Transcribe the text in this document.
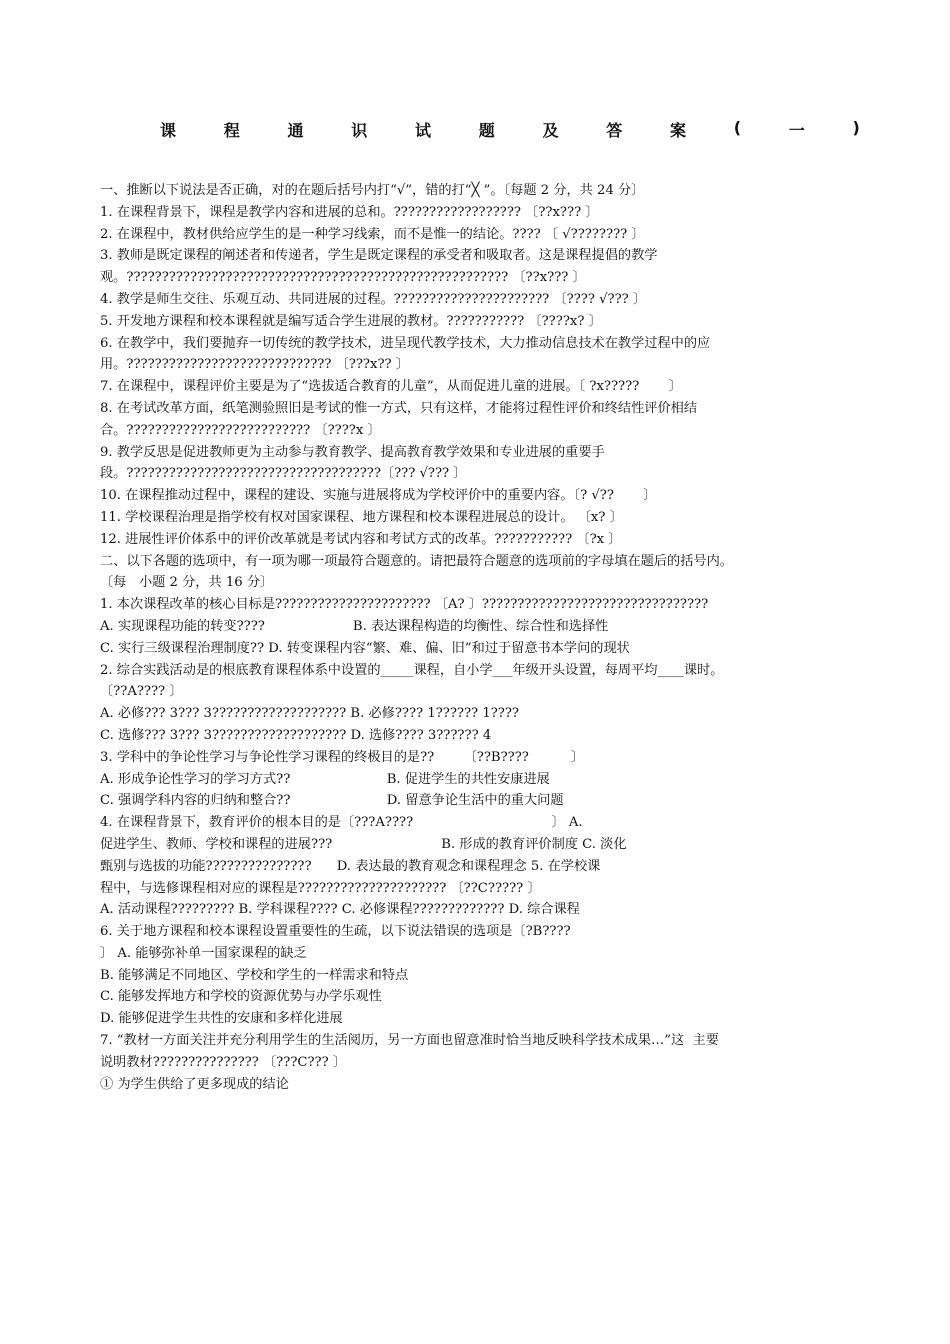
课	程	通	识	试	题	及	答	案	(	一	)
一、推断以下说法是否正确，对的在题后括号内打“√”，错的打“╳ ”。〔每题 2 分，共 24 分〕
1. 在课程背景下，课程是教学内容和进展的总和。?????????????????? 〔??x??? 〕
2. 在课程中，教材供给应学生的是一种学习线索，而不是惟一的结论。???? 〔 √???????? 〕
3. 教师是既定课程的阐述者和传递者，学生是既定课程的承受者和吸取者。这是课程提倡的教学
观。?????????????????????????????????????????????????????? 〔??x??? 〕
4. 教学是师生交往、乐观互动、共同进展的过程。?????????????????????? 〔???? √??? 〕
5. 开发地方课程和校本课程就是编写适合学生进展的教材。??????????? 〔????x? 〕
6. 在教学中，我们要抛弃一切传统的教学技术，进呈现代教学技术，大力推动信息技术在教学过程中的应
用。????????????????????????????? 〔???x?? 〕
7. 在课程中，课程评价主要是为了“选拔适合教育的儿童”，从而促进儿童的进展。〔 ?x?????       〕
8. 在考试改革方面，纸笔测验照旧是考试的惟一方式，只有这样，才能将过程性评价和终结性评价相结
合。?????????????????????????? 〔????x 〕
9. 教学反思是促进教师更为主动参与教育教学、提高教育教学效果和专业进展的重要手
段。????????????????????????????????????〔??? √??? 〕
10. 在课程推动过程中，课程的建设、实施与进展将成为学校评价中的重要内容。〔? √??       〕
11. 学校课程治理是指学校有权对国家课程、地方课程和校本课程进展总的设计。 〔x? 〕
12. 进展性评价体系中的评价改革就是考试内容和考试方式的改革。??????????? 〔?x 〕
二、以下各题的选项中，有一项为哪一项最符合题意的。请把最符合题意的选项前的字母填在题后的括号内。
〔每   小题 2 分，共 16 分〕
1. 本次课程改革的核心目标是?????????????????????? 〔A? 〕????????????????????????????????
A. 实现课程功能的转变????                     B. 表达课程构造的均衡性、综合性和选择性
C. 实行三级课程治理制度?? D. 转变课程内容“繁、难、偏、旧”和过于留意书本学问的现状
2. 综合实践活动是的根底教育课程体系中设置的_____课程，自小学___年级开头设置，每周平均____课时。
〔??A???? 〕
A. 必修??? 3??? 3??????????????????? B. 必修???? 1?????? 1????
C. 选修??? 3??? 3??????????????????? D. 选修???? 3?????? 4
3. 学科中的争论性学习与争论性学习课程的终极目的是??       〔??B????          〕
A. 形成争论性学习的学习方式??                       B. 促进学生的共性安康进展
C. 强调学科内容的归纳和整合??                       D. 留意争论生活中的重大问题
4. 在课程背景下，教育评价的根本目的是〔???A????                                 〕 A.
促进学生、教师、学校和课程的进展???                          B. 形成的教育评价制度 C. 淡化
甄别与选拔的功能???????????????      D. 表达最的教育观念和课程理念 5. 在学校课
程中，与选修课程相对应的课程是????????????????????? 〔??C????? 〕
A. 活动课程????????? B. 学科课程???? C. 必修课程????????????? D. 综合课程
6. 关于地方课程和校本课程设置重要性的生疏，以下说法错误的选项是〔?B????
〕 A. 能够弥补单一国家课程的缺乏
B. 能够满足不同地区、学校和学生的一样需求和特点
C. 能够发挥地方和学校的资源优势与办学乐观性
D. 能够促进学生共性的安康和多样化进展
7. “教材一方面关注并充分利用学生的生活阅历，另一方面也留意准时恰当地反映科学技术成果…”这  主要
说明教材??????????????? 〔???C??? 〕
① 为学生供给了更多现成的结论
